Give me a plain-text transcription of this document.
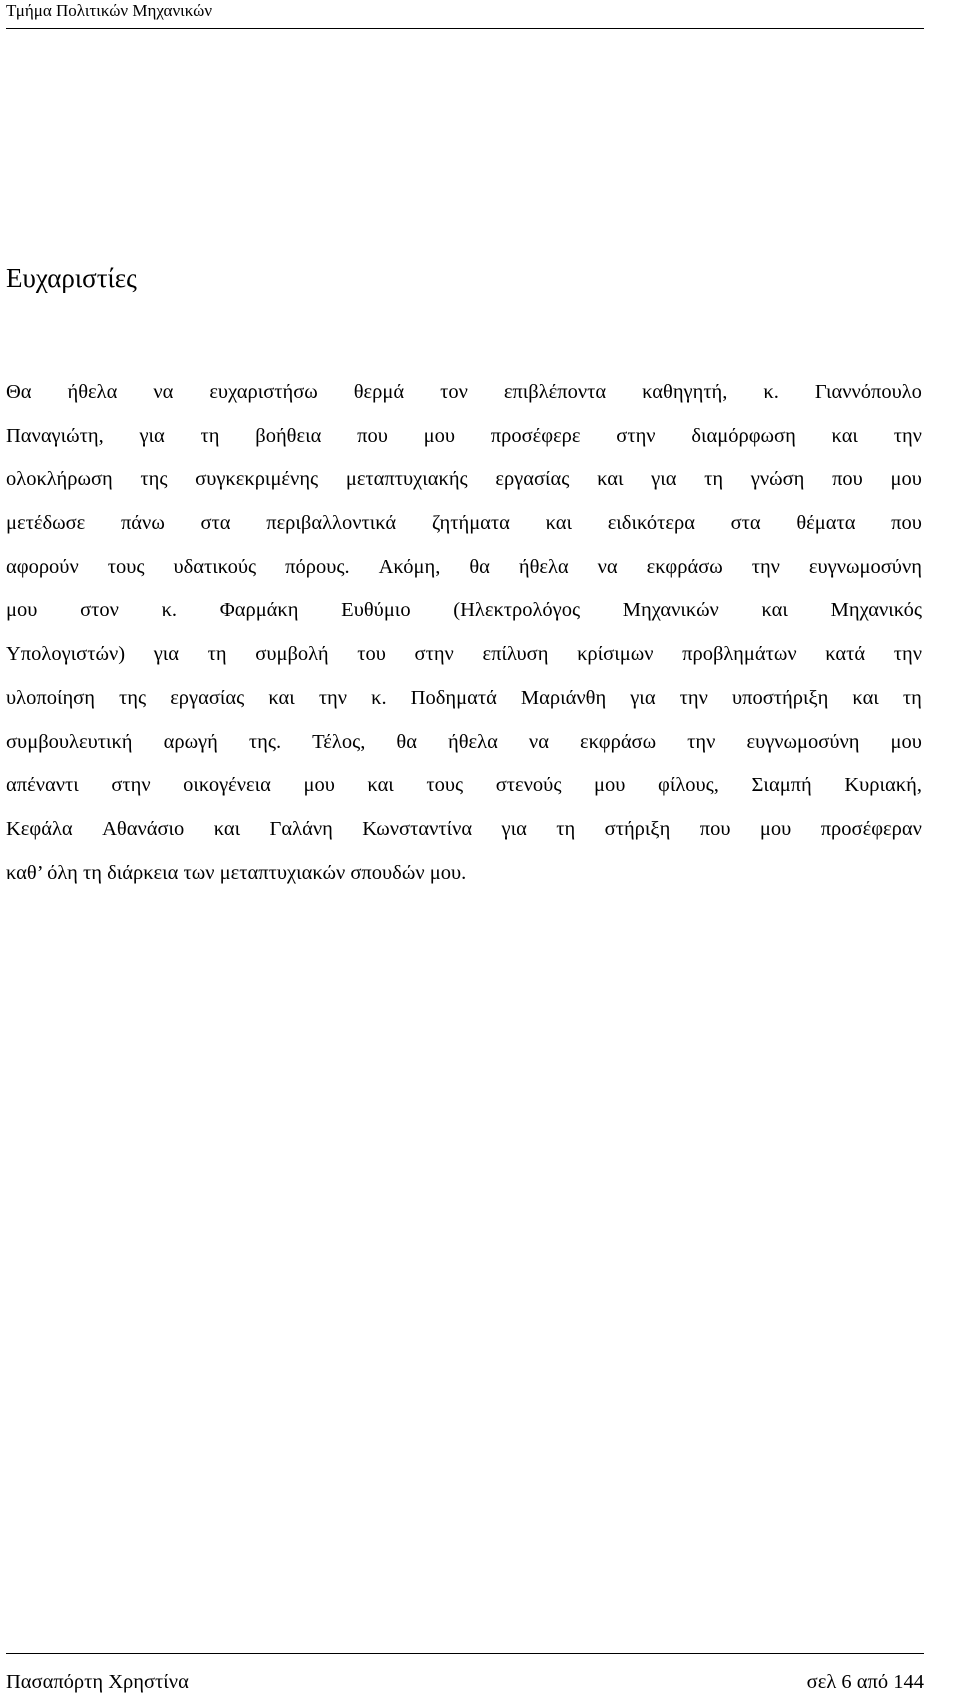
Τμήμα Πολιτικών Μηχανικών
Ευχαριστίες
Θα ήθελα να ευχαριστήσω θερμά τον επιβλέποντα καθηγητή, κ. Γιαννόπουλο
Παναγιώτη, για τη βοήθεια που μου προσέφερε στην διαμόρφωση και την
ολοκλήρωση της συγκεκριμένης μεταπτυχιακής εργασίας και για τη γνώση που μου
μετέδωσε πάνω στα περιβαλλοντικά ζητήματα και ειδικότερα στα θέματα που
αφορούν τους υδατικούς πόρους. Ακόμη, θα ήθελα να εκφράσω την ευγνωμοσύνη
μου στον κ. Φαρμάκη Ευθύμιο (Ηλεκτρολόγος Μηχανικών και Μηχανικός
Υπολογιστών) για τη συμβολή του στην επίλυση κρίσιμων προβλημάτων κατά την
υλοποίηση της εργασίας και την κ. Ποδηματά Μαριάνθη για την υποστήριξη και τη
συμβουλευτική αρωγή της. Τέλος, θα ήθελα να εκφράσω την ευγνωμοσύνη μου
απέναντι στην οικογένεια μου και τους στενούς μου φίλους, Σιαμπή Κυριακή,
Κεφάλα Αθανάσιο και Γαλάνη Κωνσταντίνα για τη στήριξη που μου προσέφεραν
καθ’ όλη τη διάρκεια των μεταπτυχιακών σπουδών μου.
Πασαπόρτη Χρηστίνα	σελ 6 από 144
